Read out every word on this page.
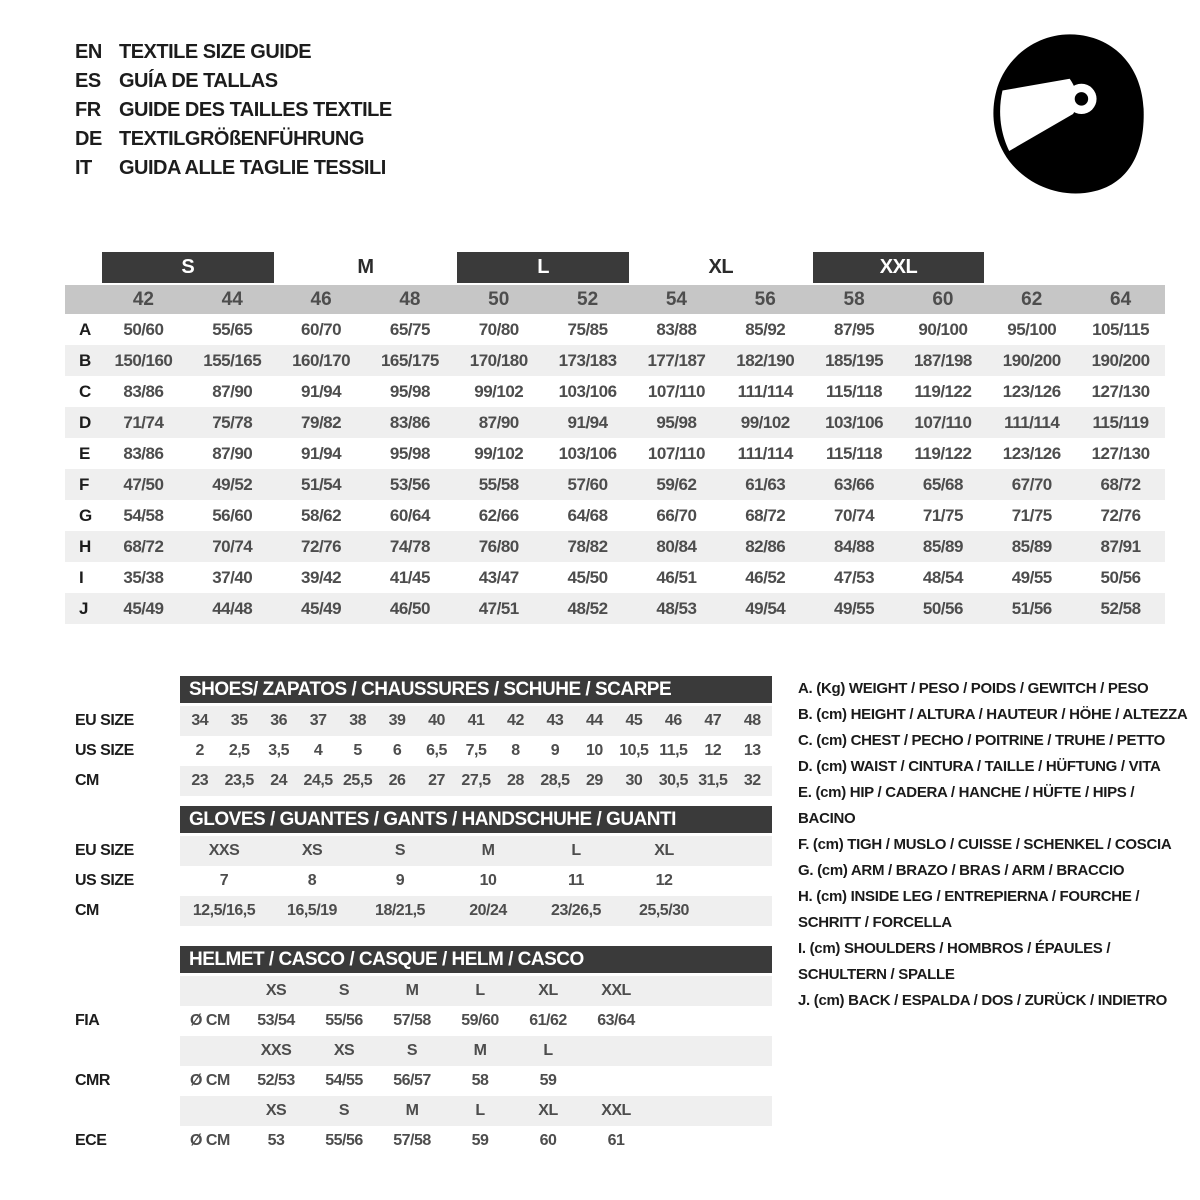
EN TEXTILE SIZE GUIDE
ES GUÍA DE TALLAS
FR GUIDE DES TAILLES TEXTILE
DE TEXTILGRÖßENFÜHRUNG
IT	GUIDA ALLE TAGLIE TESSILI
S	M	L	XL	XXL
42	44	46	48	50	52	54	56	58	60	62	64
A	50/60	55/65	60/70	65/75	70/80	75/85	83/88	85/92	87/95	90/100	95/100	105/115
B	150/160	155/165	160/170	165/175	170/180	173/183	177/187	182/190	185/195	187/198	190/200	190/200
C	83/86	87/90	91/94	95/98	99/102	103/106	107/110	111/114	115/118	119/122	123/126	127/130
D	71/74	75/78	79/82	83/86	87/90	91/94	95/98	99/102	103/106	107/110	111/114	115/119
E	83/86	87/90	91/94	95/98	99/102	103/106	107/110	111/114	115/118	119/122	123/126	127/130
F	47/50	49/52	51/54	53/56	55/58	57/60	59/62	61/63	63/66	65/68	67/70	68/72
G	54/58	56/60	58/62	60/64	62/66	64/68	66/70	68/72	70/74	71/75	71/75	72/76
H	68/72	70/74	72/76	74/78	76/80	78/82	80/84	82/86	84/88	85/89	85/89	87/91
I	35/38	37/40	39/42	41/45	43/47	45/50	46/51	46/52	47/53	48/54	49/55	50/56
J	45/49	44/48	45/49	46/50	47/51	48/52	48/53	49/54	49/55	50/56	51/56	52/58
SHOES/ ZAPATOS / CHAUSSURES / SCHUHE / SCARPE
EU SIZE	34	35	36	37	38	39	40	41	42	43	44	45	46	47	48
US SIZE	2	2,5	3,5	4	5	6	6,5	7,5	8	9	10	10,5 11,5	12	13
CM	23	23,5	24	24,5 25,5	26	27	27,5	28	28,5	29	30	30,5 31,5	32
GLOVES / GUANTES / GANTS / HANDSCHUHE / GUANTI
EU SIZE	XXS	XS	S	M	L	XL
US SIZE	7	8	9	10	11	12
CM	12,5/16,5	16,5/19	18/21,5	20/24	23/26,5	25,5/30
HELMET / CASCO / CASQUE / HELM / CASCO
XS	S	M	L	XL	XXL
FIA	Ø CM	53/54	55/56	57/58	59/60	61/62	63/64
XXS	XS	S	M	L
CMR	Ø CM	52/53	54/55	56/57	58	59
XS	S	M	L	XL	XXL
ECE	Ø CM	53	55/56	57/58	59	60	61
A. (Kg) WEIGHT / PESO / POIDS / GEWITCH / PESO
B. (cm) HEIGHT / ALTURA / HAUTEUR / HÖHE / ALTEZZA
C. (cm) CHEST / PECHO / POITRINE / TRUHE / PETTO
D. (cm) WAIST / CINTURA / TAILLE / HÜFTUNG / VITA
E. (cm) HIP / CADERA / HANCHE / HÜFTE / HIPS / BACINO
F. (cm) TIGH / MUSLO / CUISSE / SCHENKEL / COSCIA
G. (cm) ARM / BRAZO / BRAS / ARM / BRACCIO
H. (cm) INSIDE LEG / ENTREPIERNA / FOURCHE / SCHRITT / FORCELLA
I. (cm) SHOULDERS / HOMBROS / ÉPAULES / SCHULTERN / SPALLE
J. (cm) BACK / ESPALDA / DOS / ZURÜCK / INDIETRO
